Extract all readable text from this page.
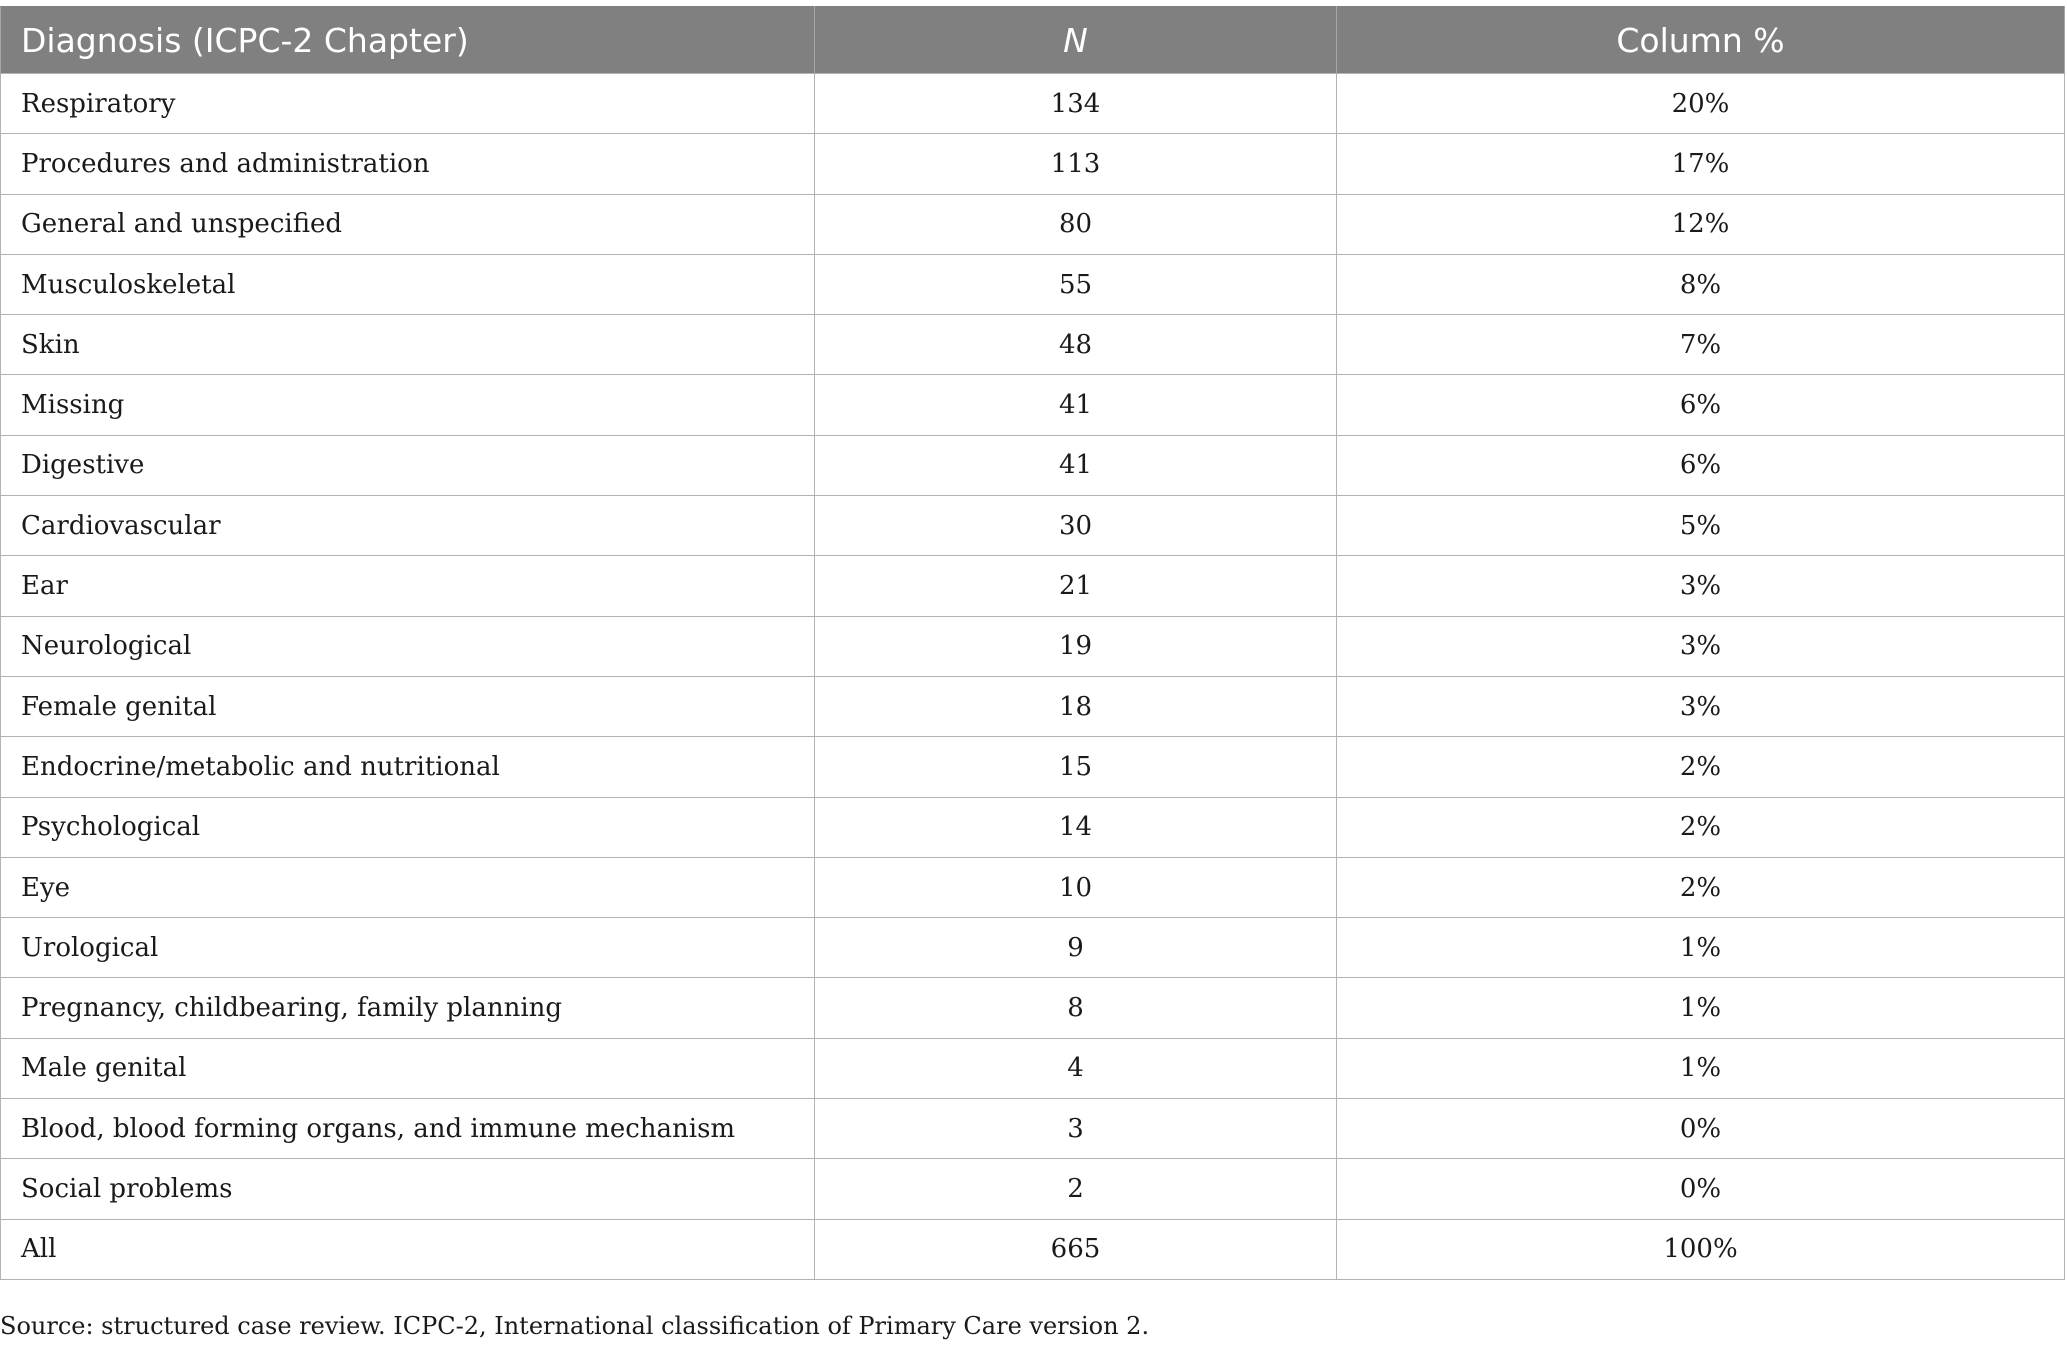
Diagnosis (ICPC-2 Chapter)	N	Column %
Respiratory	134	20%
Procedures and administration	113	17%
General and unspecified	80	12%
Musculoskeletal	55	8%
Skin	48	7%
Missing	41	6%
Digestive	41	6%
Cardiovascular	30	5%
Ear	21	3%
Neurological	19	3%
Female genital	18	3%
Endocrine/metabolic and nutritional	15	2%
Psychological	14	2%
Eye	10	2%
Urological	9	1%
Pregnancy, childbearing, family planning	8	1%
Male genital	4	1%
Blood, blood forming organs, and immune mechanism	3	0%
Social problems	2	0%
All	665	100%
Source: structured case review. ICPC-2, International classification of Primary Care version 2.
